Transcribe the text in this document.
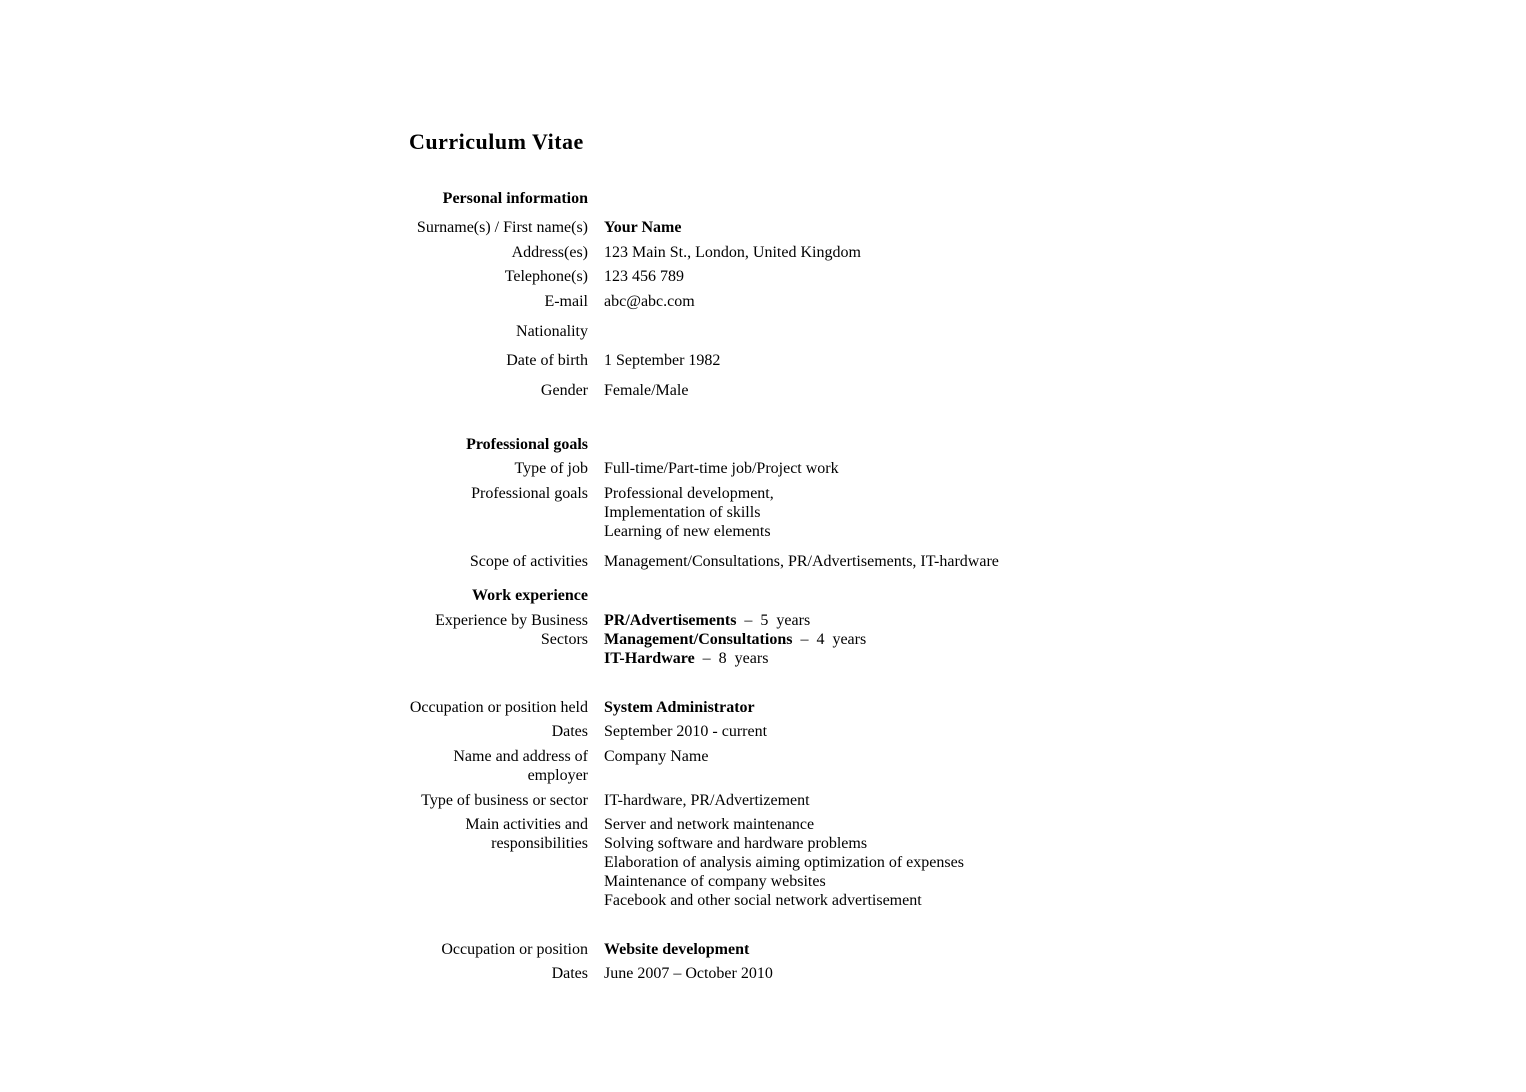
Curriculum Vitae
Personal information
Surname(s) / First name(s) Your Name
Address(es) 123 Main St., London, United Kingdom
Telephone(s) 123 456 789
E-mail abc@abc.com
Nationality
Date of birth 1 September 1982
Gender Female/Male
Professional goals
Type of job Full-time/Part-time job/Project work
Professional goals Professional development,
Implementation of skills
Learning of new elements
Scope of activities Management/Consultations, PR/Advertisements, IT-hardware
Work experience
Experience by Business
Sectors
PR/Advertisements – 5 years
Management/Consultations – 4 years
IT-Hardware – 8 years
Occupation or position held System Administrator
Dates September 2010 - current
Name and address of
employer
Company Name
Type of business or sector IT-hardware, PR/Advertizement
Main activities and
responsibilities
Server and network maintenance
Solving software and hardware problems
Elaboration of analysis aiming optimization of expenses
Maintenance of company websites
Facebook and other social network advertisement
Occupation or position Website development
Dates June 2007 – October 2010
